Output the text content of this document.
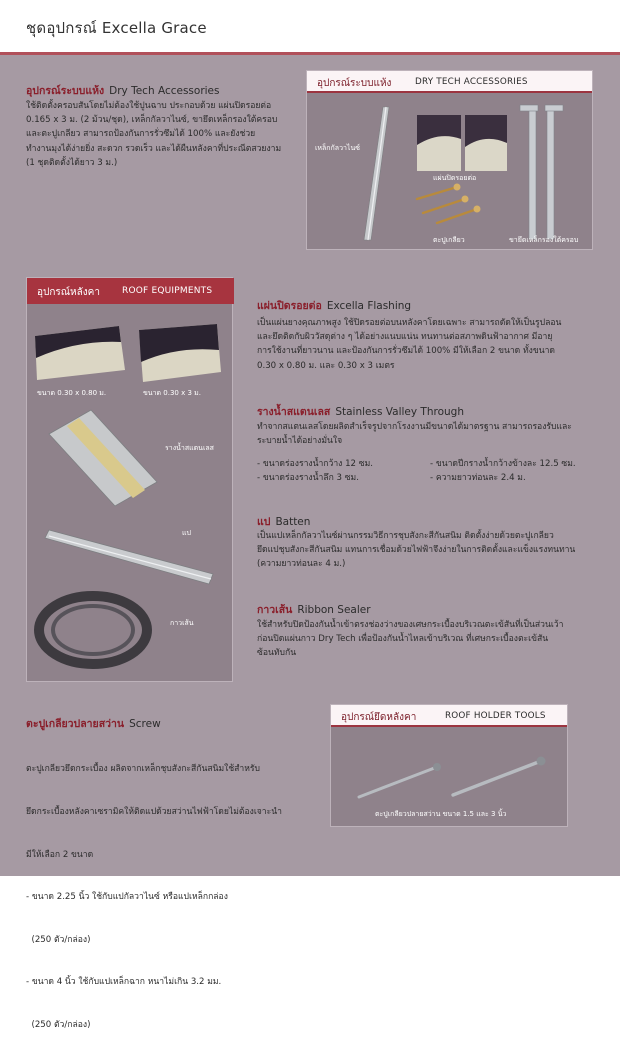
ชุดอุปกรณ์ Excella Grace
อุปกรณ์ระบบแห้ง Dry Tech Accessories
ใช้ติดตั้งครอบสันโดยไม่ต้องใช้ปูนฉาบ ประกอบด้วย แผ่นปิดรอยต่อ
0.165 x 3 ม. (2 ม้วน/ชุด), เหล็กกัลวาไนซ์, ขายึดเหล็กรองใต้ครอบ
และตะปูเกลียว สามารถป้องกันการรั่วซึมได้ 100% และยังช่วย
ทำงานมุงได้ง่ายยิ่ง สะดวก รวดเร็ว และได้ผืนหลังคาที่ประณีตสวยงาม
(1 ชุดติดตั้งได้ยาว 3 ม.)
อุปกรณ์ระบบแห้ง	DRY TECH ACCESSORIES
เหล็กกัลวาไนซ์
แผ่นปิดรอยต่อ
ตะปูเกลียว	ขายึดเหล็กรองใต้ครอบ
อุปกรณ์หลังคา ROOF EQUIPMENTS
ขนาด 0.30 x 0.80 ม.	ขนาด 0.30 x 3 ม.
รางน้ำสแตนเลส
แป
กาวเส้น
แผ่นปิดรอยต่อ Excella Flashing
เป็นแผ่นยางคุณภาพสูง ใช้ปิดรอยต่อบนหลังคาโดยเฉพาะ สามารถดัดให้เป็นรูปลอน
และยึดติดกับผิววัสดุต่าง ๆ ได้อย่างแนบแน่น ทนทานต่อสภาพดินฟ้าอากาศ มีอายุ
การใช้งานที่ยาวนาน และป้องกันการรั่วซึมได้ 100% มีให้เลือก 2 ขนาด ทั้งขนาด
0.30 x 0.80 ม. และ 0.30 x 3 เมตร
รางน้ำสแตนเลส Stainless Valley Through
ทำจากสแตนเลสโดยผลิตสำเร็จรูปจากโรงงานมีขนาดได้มาตรฐาน สามารถรองรับและ
ระบายน้ำได้อย่างมั่นใจ
- ขนาดร่องรางน้ำกว้าง 12 ซม.
- ขนาดร่องรางน้ำลึก 3 ซม.
- ขนาดปีกรางน้ำกว้างข้างละ 12.5 ซม.
- ความยาวท่อนละ 2.4 ม.
แป Batten
เป็นแปเหล็กกัลวาไนซ์ผ่านกรรมวิธีการชุบสังกะสีกันสนิม ติดตั้งง่ายด้วยตะปูเกลียว
ยึดแปชุบสังกะสีกันสนิม แทนการเชื่อมด้วยไฟฟ้าจึงง่ายในการติดตั้งและแข็งแรงทนทาน
(ความยาวท่อนละ 4 ม.)
กาวเส้น Ribbon Sealer
ใช้สำหรับปิดป้องกันน้ำเข้าตรงช่องว่างของเศษกระเบื้องบริเวณตะเข้สันที่เป็นส่วนเว้า
ก่อนปิดแผ่นกาว Dry Tech เพื่อป้องกันน้ำไหลเข้าบริเวณ ที่เศษกระเบื้องตะเข้สัน
ซ้อนทับกัน
ตะปูเกลียวปลายสว่าน Screw

ตะปูเกลียวยึดกระเบื้อง ผลิตจากเหล็กชุบสังกะสีกันสนิมใช้สำหรับ

ยึดกระเบื้องหลังคาเซรามิคให้ติดแปด้วยสว่านไฟฟ้าโดยไม่ต้องเจาะนำ

มีให้เลือก 2 ขนาด

- ขนาด 2.25 นิ้ว ใช้กับแปกัลวาไนซ์ หรือแปเหล็กกล่อง

(250 ตัว/กล่อง)

- ขนาด 4 นิ้ว ใช้กับแปเหล็กฉาก หนาไม่เกิน 3.2 มม.

(250 ตัว/กล่อง)

อุปกรณ์ยึดหลังคา	ROOF HOLDER TOOLS
ตะปูเกลียวปลายสว่าน ขนาด 1.5 และ 3 นิ้ว
